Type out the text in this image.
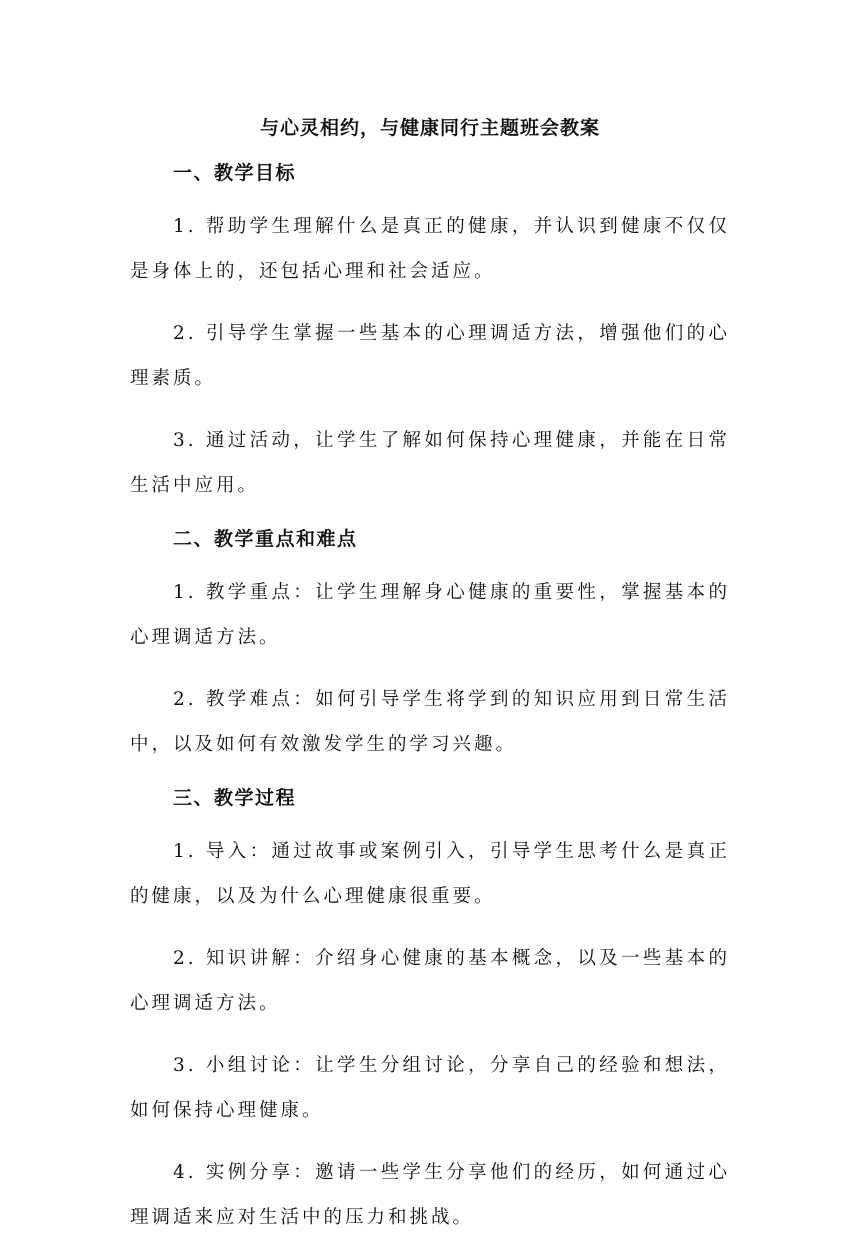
与心灵相约，与健康同行主题班会教案
一、教学目标

1. 帮助学生理解什么是真正的健康，并认识到健康不仅仅是身体上的，还包括心理和社会适应。

2. 引导学生掌握一些基本的心理调适方法，增强他们的心理素质。

3. 通过活动，让学生了解如何保持心理健康，并能在日常生活中应用。

二、教学重点和难点

1. 教学重点：让学生理解身心健康的重要性，掌握基本的心理调适方法。

2. 教学难点：如何引导学生将学到的知识应用到日常生活中，以及如何有效激发学生的学习兴趣。

三、教学过程

1. 导入：通过故事或案例引入，引导学生思考什么是真正的健康，以及为什么心理健康很重要。

2. 知识讲解：介绍身心健康的基本概念，以及一些基本的心理调适方法。

3. 小组讨论：让学生分组讨论，分享自己的经验和想法，如何保持心理健康。

4. 实例分享：邀请一些学生分享他们的经历，如何通过心理调适来应对生活中的压力和挑战。
